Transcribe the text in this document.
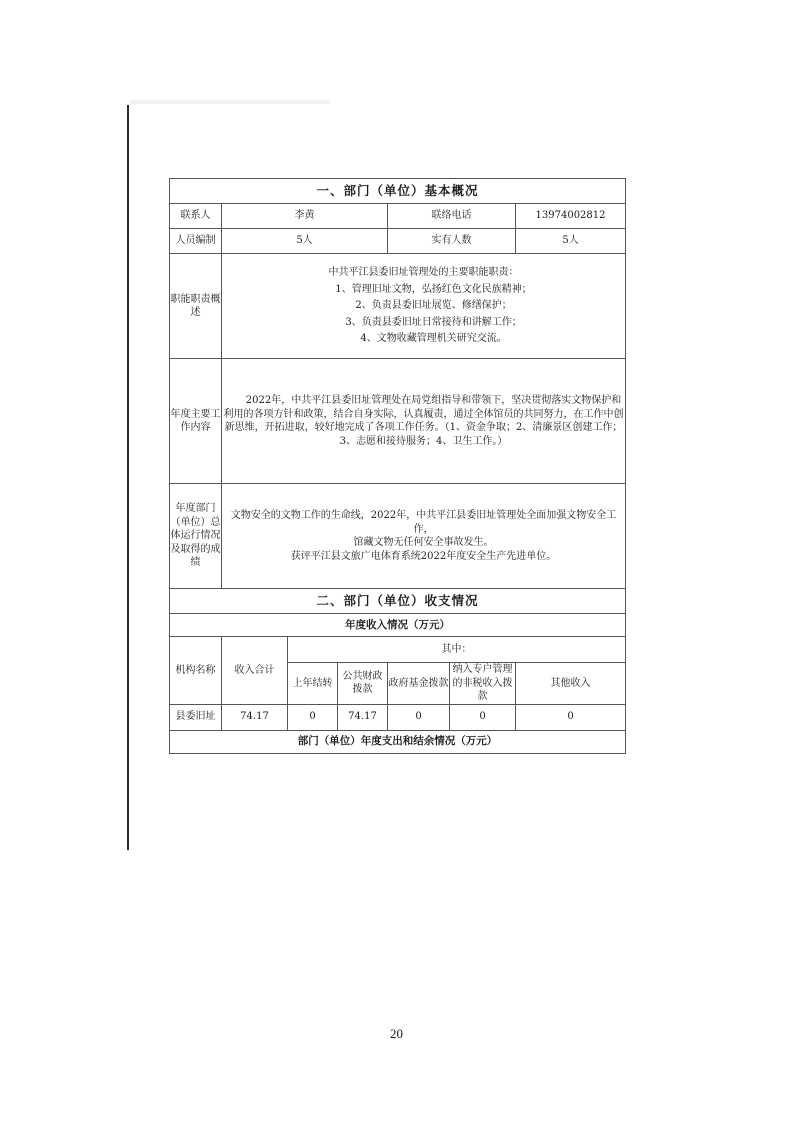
一、部门（单位）基本概况						
联系人	李黄			联络电话		13974002812
人员编制	5人			实有人数		5人
职能职责概述	中共平江县委旧址管理处的主要职能职责：
1、管理旧址文物，弘扬红色文化民族精神；
2、负责县委旧址展览、修缮保护；
3、负责县委旧址日常接待和讲解工作；
4、文物收藏管理机关研究交流。					

年度主要工作内容	2022年，中共平江县委旧址管理处在局党组指导和带领下，坚决贯彻落实文物保护和利用的各项方针和政策，结合自身实际，认真履责，通过全体馆员的共同努力，在工作中创新思维，开拓进取，较好地完成了各项工作任务。（1、资金争取；2、清廉景区创建工作；3、志愿和接待服务；4、卫生工作。）					
年度部门（单位）总体运行情况及取得的成绩	文物安全的文物工作的生命线，2022年，中共平江县委旧址管理处全面加强文物安全工作，
馆藏文物无任何安全事故发生。
获评平江县文旅广电体育系统2022年度安全生产先进单位。					

二、部门（单位）收支情况						
年度收入情况（万元）						
机构名称	收入合计	其中：				
		上年结转	公共财政拨款	政府基金拨款	纳入专户管理的非税收入拨款	其他收入
县委旧址	74.17	0	74.17	0	0	0
部门（单位）年度支出和结余情况（万元）						
20
